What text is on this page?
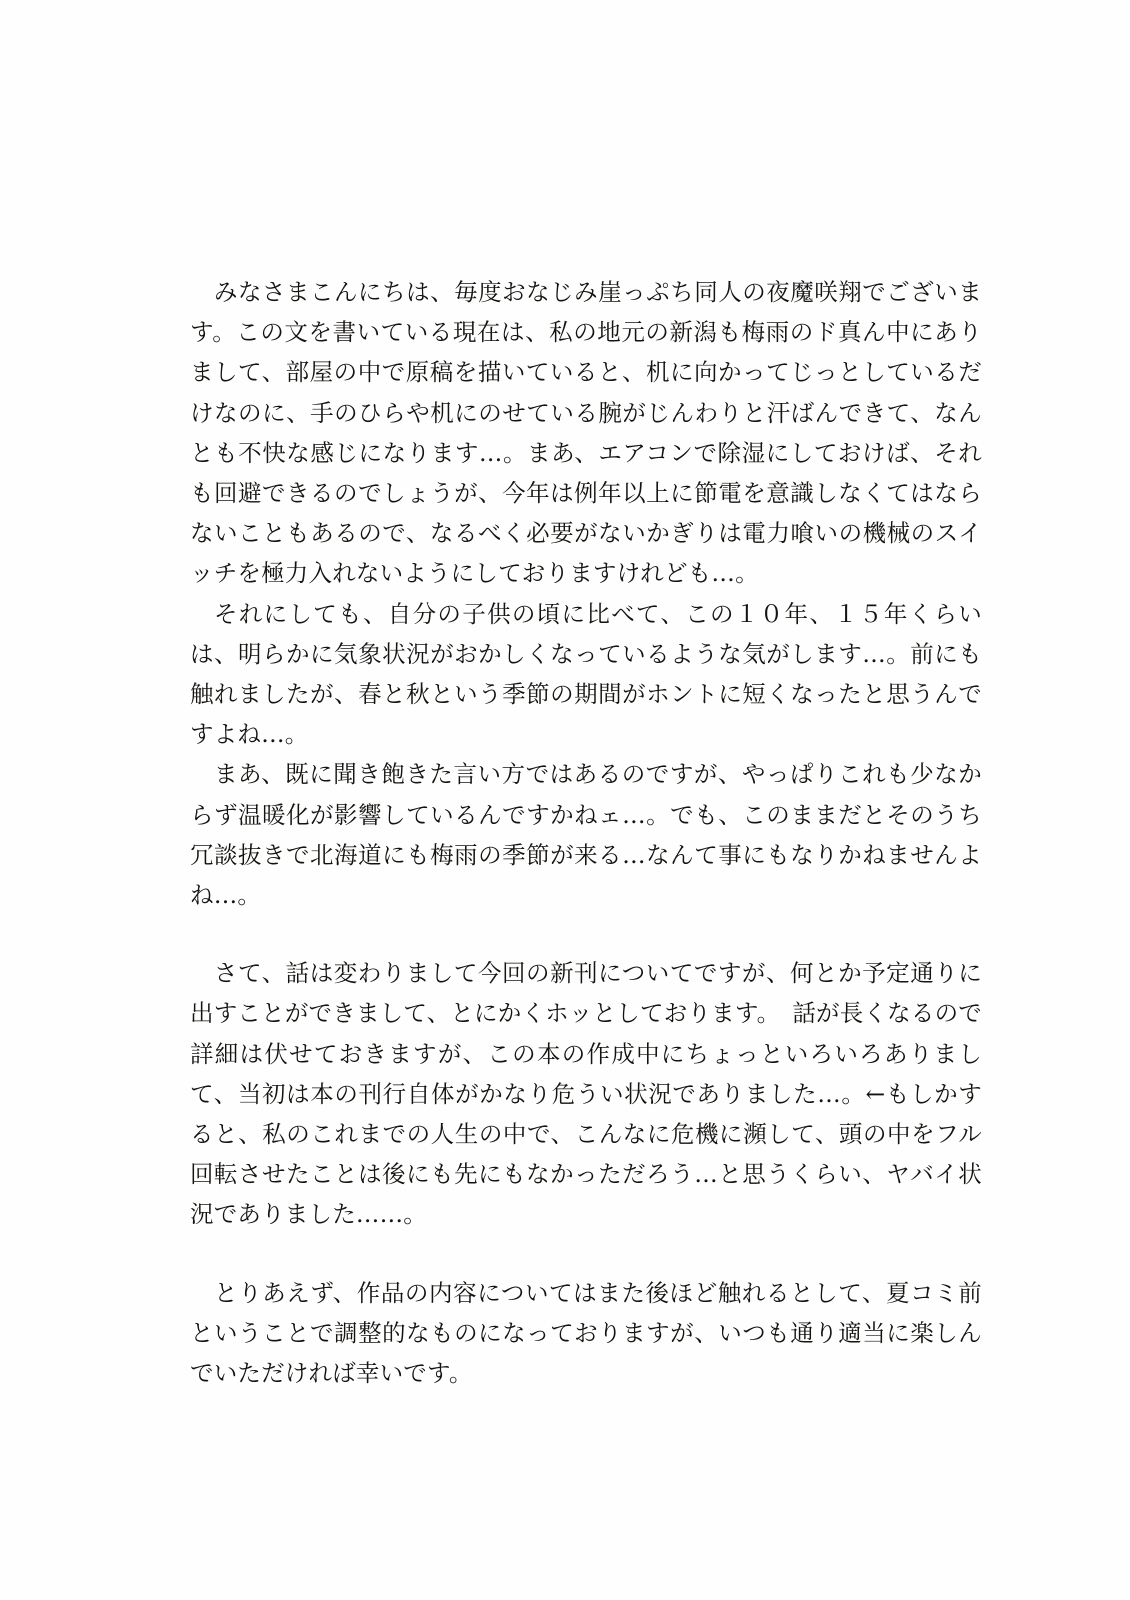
みなさまこんにちは、毎度おなじみ崖っぷち同人の夜魔咲翔でございます。この文を書いている現在は、私の地元の新潟も梅雨のド真ん中にありまして、部屋の中で原稿を描いていると、机に向かってじっとしているだけなのに、手のひらや机にのせている腕がじんわりと汗ばんできて、なんとも不快な感じになります…。まあ、エアコンで除湿にしておけば、それも回避できるのでしょうが、今年は例年以上に節電を意識しなくてはならないこともあるので、なるべく必要がないかぎりは電力喰いの機械のスイッチを極力入れないようにしておりますけれども…。

それにしても、自分の子供の頃に比べて、この１０年、１５年くらいは、明らかに気象状況がおかしくなっているような気がします…。前にも触れましたが、春と秋という季節の期間がホントに短くなったと思うんですよね…。

まあ、既に聞き飽きた言い方ではあるのですが、やっぱりこれも少なからず温暖化が影響しているんですかねェ…。でも、このままだとそのうち冗談抜きで北海道にも梅雨の季節が来る…なんて事にもなりかねませんよね…。

さて、話は変わりまして今回の新刊についてですが、何とか予定通りに出すことができまして、とにかくホッとしております。　話が長くなるので詳細は伏せておきますが、この本の作成中にちょっといろいろありまして、当初は本の刊行自体がかなり危うい状況でありました…。←もしかすると、私のこれまでの人生の中で、こんなに危機に瀕して、頭の中をフル回転させたことは後にも先にもなかっただろう…と思うくらい、ヤバイ状況でありました……。

とりあえず、作品の内容についてはまた後ほど触れるとして、夏コミ前ということで調整的なものになっておりますが、いつも通り適当に楽しんでいただければ幸いです。
